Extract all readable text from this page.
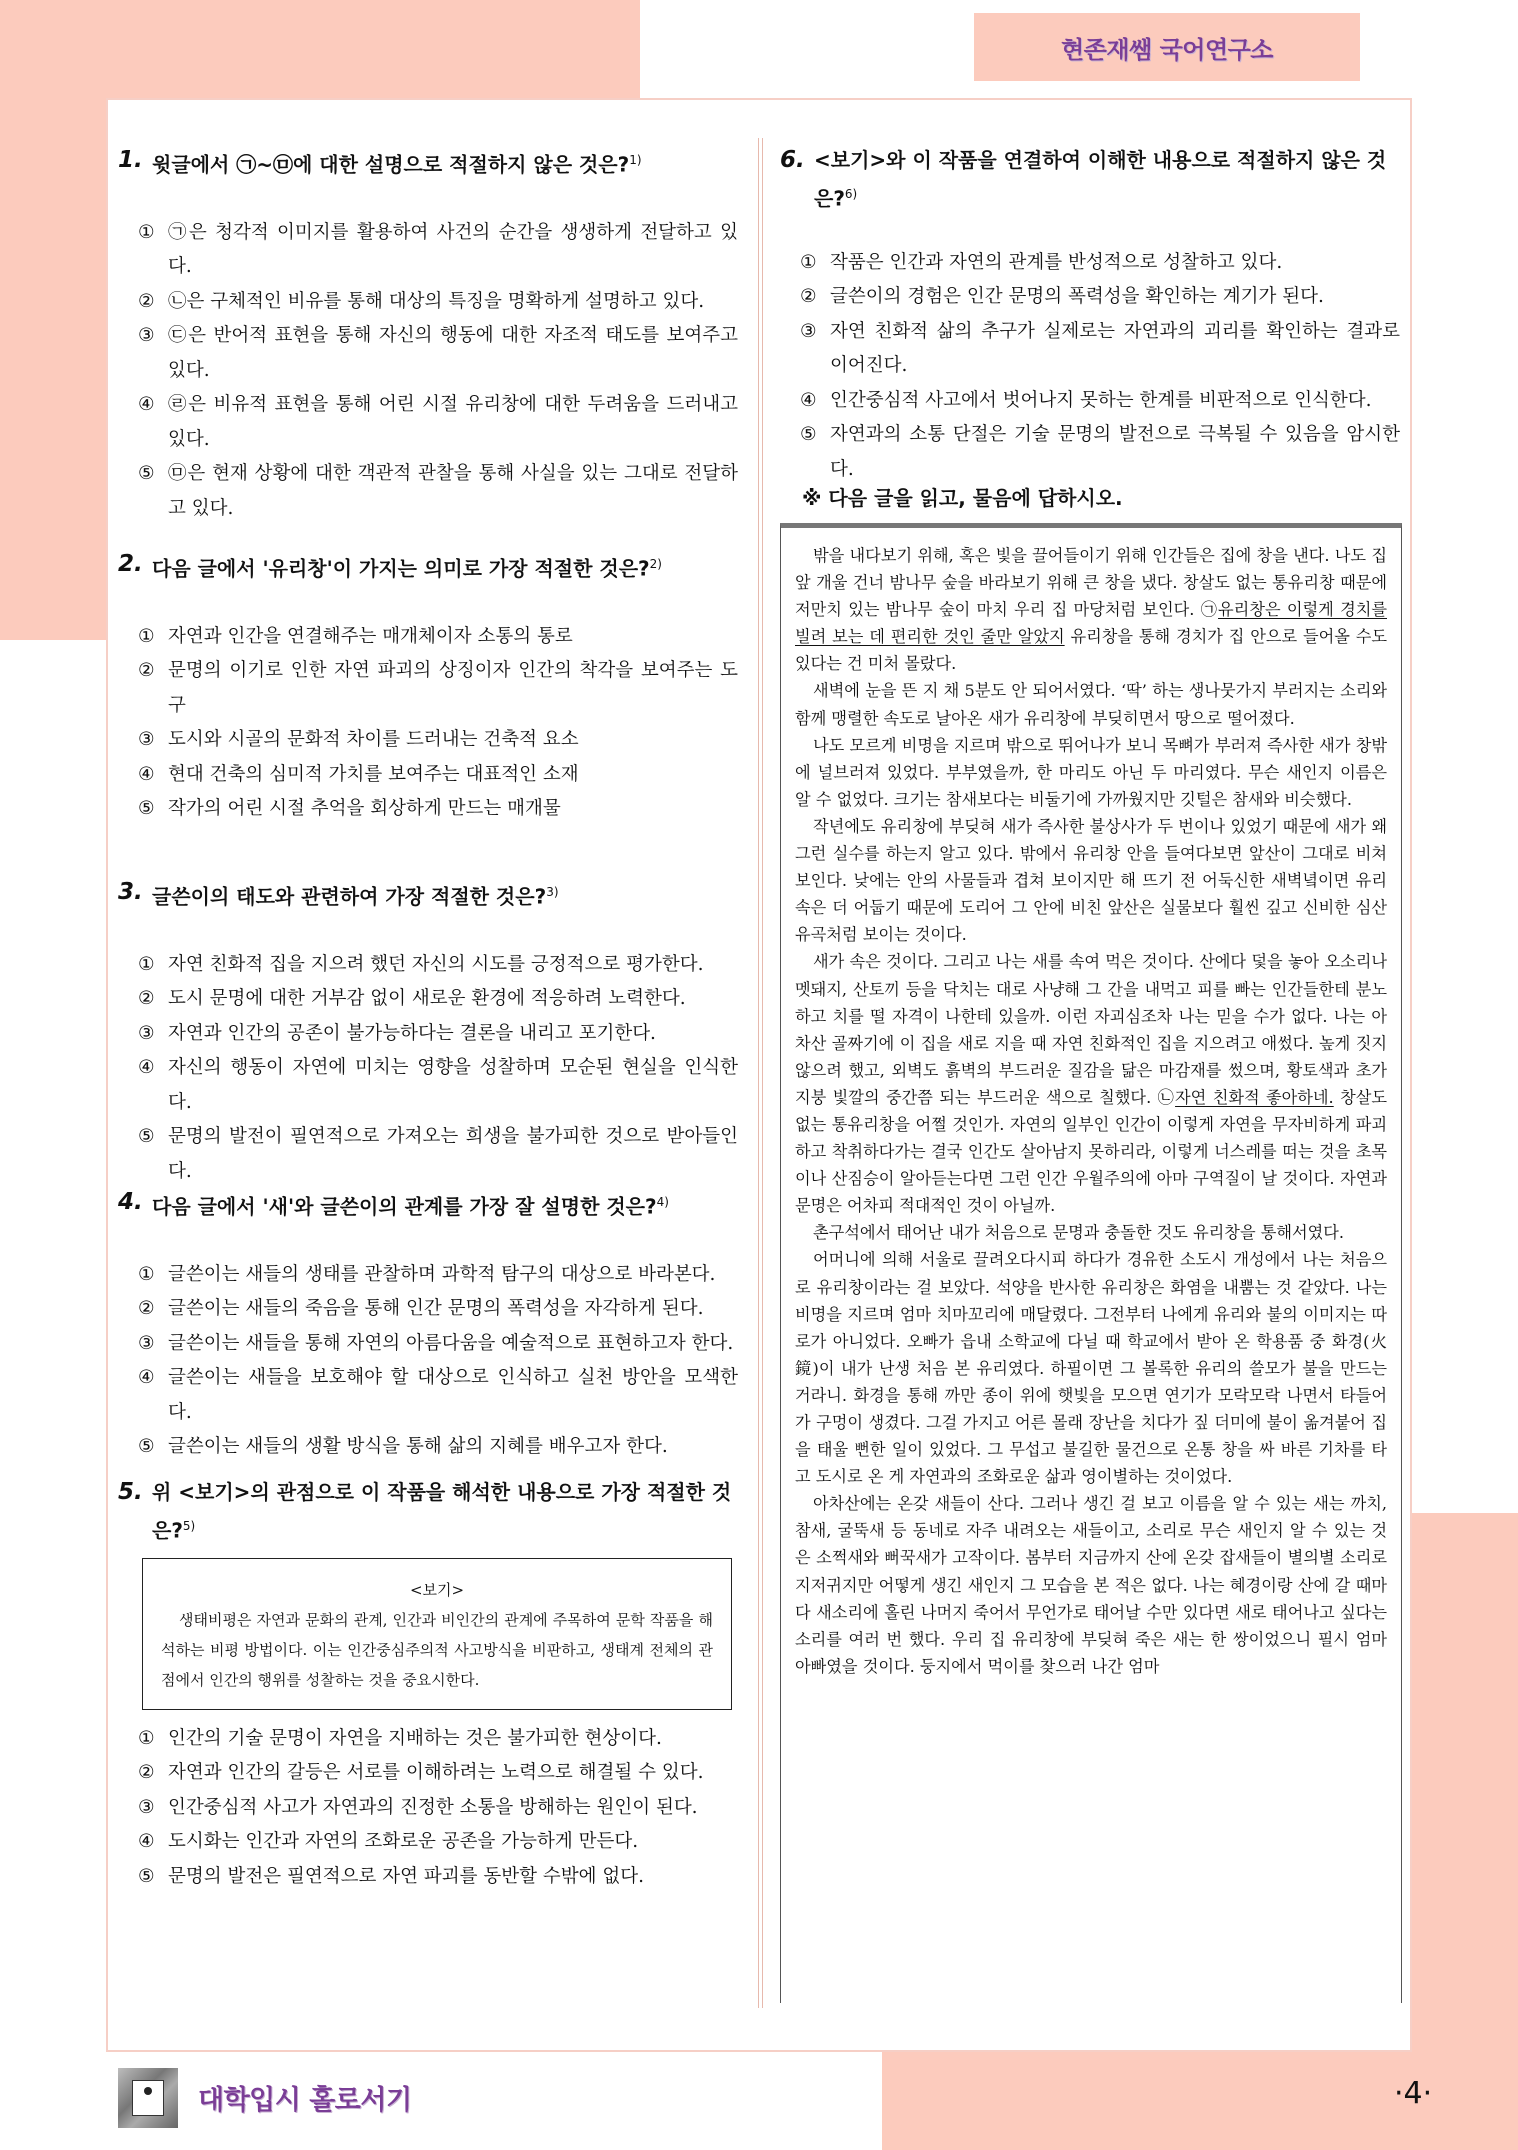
현존재쌤 국어연구소

1. 윗글에서 ㉠~㉤에 대한 설명으로 적절하지 않은 것은?$^{1)}$

① ㉠은 청각적 이미지를 활용하여 사건의 순간을 생생하게 전달하고 있다.
② ㉡은 구체적인 비유를 통해 대상의 특징을 명확하게 설명하고 있다.
③ ㉢은 반어적 표현을 통해 자신의 행동에 대한 자조적 태도를 보여주고 있다.
④ ㉣은 비유적 표현을 통해 어린 시절 유리창에 대한 두려움을 드러내고 있다.
⑤ ㉤은 현재 상황에 대한 객관적 관찰을 통해 사실을 있는 그대로 전달하고 있다.

2. 다음 글에서 '유리창'이 가지는 의미로 가장 적절한 것은?$^{2)}$

① 자연과 인간을 연결해주는 매개체이자 소통의 통로
② 문명의 이기로 인한 자연 파괴의 상징이자 인간의 착각을 보여주는 도구
③ 도시와 시골의 문화적 차이를 드러내는 건축적 요소
④ 현대 건축의 심미적 가치를 보여주는 대표적인 소재
⑤ 작가의 어린 시절 추억을 회상하게 만드는 매개물

3. 글쓴이의 태도와 관련하여 가장 적절한 것은?$^{3)}$

① 자연 친화적 집을 지으려 했던 자신의 시도를 긍정적으로 평가한다.
② 도시 문명에 대한 거부감 없이 새로운 환경에 적응하려 노력한다.
③ 자연과 인간의 공존이 불가능하다는 결론을 내리고 포기한다.
④ 자신의 행동이 자연에 미치는 영향을 성찰하며 모순된 현실을 인식한다.
⑤ 문명의 발전이 필연적으로 가져오는 희생을 불가피한 것으로 받아들인다.

4. 다음 글에서 '새'와 글쓴이의 관계를 가장 잘 설명한 것은?$^{4)}$

① 글쓴이는 새들의 생태를 관찰하며 과학적 탐구의 대상으로 바라본다.
② 글쓴이는 새들의 죽음을 통해 인간 문명의 폭력성을 자각하게 된다.
③ 글쓴이는 새들을 통해 자연의 아름다움을 예술적으로 표현하고자 한다.
④ 글쓴이는 새들을 보호해야 할 대상으로 인식하고 실천 방안을 모색한다.
⑤ 글쓴이는 새들의 생활 방식을 통해 삶의 지혜를 배우고자 한다.

5. 위 <보기>의 관점으로 이 작품을 해석한 내용으로 가장 적절한 것은?$^{5)}$

<보기>
생태비평은 자연과 문화의 관계, 인간과 비인간의 관계에 주목하여 문학 작품을 해석하는 비평 방법이다. 이는 인간중심주의적 사고방식을 비판하고, 생태계 전체의 관점에서 인간의 행위를 성찰하는 것을 중요시한다.
① 인간의 기술 문명이 자연을 지배하는 것은 불가피한 현상이다.
② 자연과 인간의 갈등은 서로를 이해하려는 노력으로 해결될 수 있다.
③ 인간중심적 사고가 자연과의 진정한 소통을 방해하는 원인이 된다.
④ 도시화는 인간과 자연의 조화로운 공존을 가능하게 만든다.
⑤ 문명의 발전은 필연적으로 자연 파괴를 동반할 수밖에 없다.

6. <보기>와 이 작품을 연결하여 이해한 내용으로 적절하지 않은 것은?$^{6)}$

① 작품은 인간과 자연의 관계를 반성적으로 성찰하고 있다.
② 글쓴이의 경험은 인간 문명의 폭력성을 확인하는 계기가 된다.
③ 자연 친화적 삶의 추구가 실제로는 자연과의 괴리를 확인하는 결과로 이어진다.
④ 인간중심적 사고에서 벗어나지 못하는 한계를 비판적으로 인식한다.
⑤ 자연과의 소통 단절은 기술 문명의 발전으로 극복될 수 있음을 암시한다.

※ 다음 글을 읽고, 물음에 답하시오.

밖을 내다보기 위해, 혹은 빛을 끌어들이기 위해 인간들은 집에 창을 낸다. 나도 집 앞 개울 건너 밤나무 숲을 바라보기 위해 큰 창을 냈다. 창살도 없는 통유리창 때문에 저만치 있는 밤나무 숲이 마치 우리 집 마당처럼 보인다. ㉠유리창은 이렇게 경치를 빌려 보는 데 편리한 것인 줄만 알았지 유리창을 통해 경치가 집 안으로 들어올 수도 있다는 건 미처 몰랐다.

새벽에 눈을 뜬 지 채 5분도 안 되어서였다. ‘딱’ 하는 생나뭇가지 부러지는 소리와 함께 맹렬한 속도로 날아온 새가 유리창에 부딪히면서 땅으로 떨어졌다.

나도 모르게 비명을 지르며 밖으로 뛰어나가 보니 목뼈가 부러져 즉사한 새가 창밖에 널브러져 있었다. 부부였을까, 한 마리도 아닌 두 마리였다. 무슨 새인지 이름은 알 수 없었다. 크기는 참새보다는 비둘기에 가까웠지만 깃털은 참새와 비슷했다.

작년에도 유리창에 부딪혀 새가 즉사한 불상사가 두 번이나 있었기 때문에 새가 왜 그런 실수를 하는지 알고 있다. 밖에서 유리창 안을 들여다보면 앞산이 그대로 비쳐 보인다. 낮에는 안의 사물들과 겹쳐 보이지만 해 뜨기 전 어둑신한 새벽녘이면 유리 속은 더 어둡기 때문에 도리어 그 안에 비친 앞산은 실물보다 훨씬 깊고 신비한 심산유곡처럼 보이는 것이다.

새가 속은 것이다. 그리고 나는 새를 속여 먹은 것이다. 산에다 덫을 놓아 오소리나 멧돼지, 산토끼 등을 닥치는 대로 사냥해 그 간을 내먹고 피를 빠는 인간들한테 분노하고 치를 떨 자격이 나한테 있을까. 이런 자괴심조차 나는 믿을 수가 없다. 나는 아차산 골짜기에 이 집을 새로 지을 때 자연 친화적인 집을 지으려고 애썼다. 높게 짓지 않으려 했고, 외벽도 흙벽의 부드러운 질감을 닮은 마감재를 썼으며, 황토색과 초가지붕 빛깔의 중간쯤 되는 부드러운 색으로 칠했다. ㉡자연 친화적 좋아하네. 창살도 없는 통유리창을 어쩔 것인가. 자연의 일부인 인간이 이렇게 자연을 무자비하게 파괴하고 착취하다가는 결국 인간도 살아남지 못하리라, 이렇게 너스레를 떠는 것을 초목이나 산짐승이 알아듣는다면 그런 인간 우월주의에 아마 구역질이 날 것이다. 자연과 문명은 어차피 적대적인 것이 아닐까.

촌구석에서 태어난 내가 처음으로 문명과 충돌한 것도 유리창을 통해서였다.

어머니에 의해 서울로 끌려오다시피 하다가 경유한 소도시 개성에서 나는 처음으로 유리창이라는 걸 보았다. 석양을 반사한 유리창은 화염을 내뿜는 것 같았다. 나는 비명을 지르며 엄마 치마꼬리에 매달렸다. 그전부터 나에게 유리와 불의 이미지는 따로가 아니었다. 오빠가 읍내 소학교에 다닐 때 학교에서 받아 온 학용품 중 화경(火鏡)이 내가 난생 처음 본 유리였다. 하필이면 그 볼록한 유리의 쓸모가 불을 만드는 거라니. 화경을 통해 까만 종이 위에 햇빛을 모으면 연기가 모락모락 나면서 타들어 가 구멍이 생겼다. 그걸 가지고 어른 몰래 장난을 치다가 짚 더미에 불이 옮겨붙어 집을 태울 뻔한 일이 있었다. 그 무섭고 불길한 물건으로 온통 창을 싸 바른 기차를 타고 도시로 온 게 자연과의 조화로운 삶과 영이별하는 것이었다.

아차산에는 온갖 새들이 산다. 그러나 생긴 걸 보고 이름을 알 수 있는 새는 까치, 참새, 굴뚝새 등 동네로 자주 내려오는 새들이고, 소리로 무슨 새인지 알 수 있는 것은 소쩍새와 뻐꾹새가 고작이다. 봄부터 지금까지 산에 온갖 잡새들이 별의별 소리로 지저귀지만 어떻게 생긴 새인지 그 모습을 본 적은 없다. 나는 혜경이랑 산에 갈 때마다 새소리에 홀린 나머지 죽어서 무언가로 태어날 수만 있다면 새로 태어나고 싶다는 소리를 여러 번 했다. 우리 집 유리창에 부딪혀 죽은 새는 한 쌍이었으니 필시 엄마 아빠였을 것이다. 둥지에서 먹이를 찾으러 나간 엄마

대학입시 홀로서기	·4·
